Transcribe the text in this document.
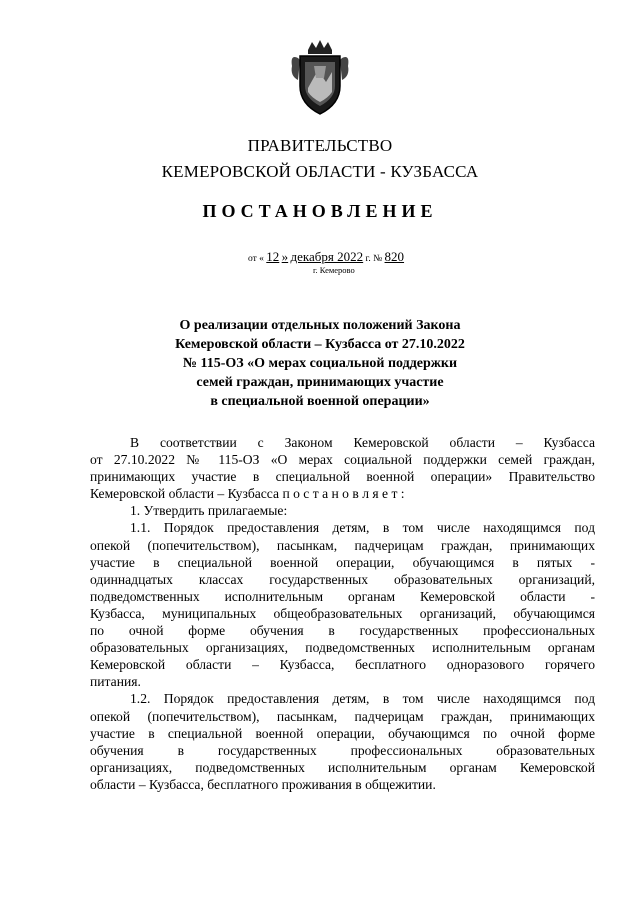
ПРАВИТЕЛЬСТВО
КЕМЕРОВСКОЙ ОБЛАСТИ - КУЗБАССА
ПОСТАНОВЛЕНИЕ
от « 12 » декабря 2022 г. № 820
г. Кемерово
О реализации отдельных положений Закона
Кемеровской области – Кузбасса от 27.10.2022
№ 115-ОЗ «О мерах социальной поддержки
семей граждан, принимающих участие
в специальной военной операции»
В соответствии с Законом Кемеровской области – Кузбасса
от 27.10.2022 № 115-ОЗ «О мерах социальной поддержки семей граждан,
принимающих участие в специальной военной операции» Правительство
Кемеровской области – Кузбасса п о с т а н о в л я е т :
1. Утвердить прилагаемые:
1.1. Порядок предоставления детям, в том числе находящимся под
опекой (попечительством), пасынкам, падчерицам граждан, принимающих
участие в специальной военной операции, обучающимся в пятых -
одиннадцатых классах государственных образовательных организаций,
подведомственных исполнительным органам Кемеровской области -
Кузбасса, муниципальных общеобразовательных организаций, обучающимся
по очной форме обучения в государственных профессиональных
образовательных организациях, подведомственных исполнительным органам
Кемеровской области – Кузбасса, бесплатного одноразового горячего
питания.
1.2. Порядок предоставления детям, в том числе находящимся под
опекой (попечительством), пасынкам, падчерицам граждан, принимающих
участие в специальной военной операции, обучающимся по очной форме
обучения в государственных профессиональных образовательных
организациях, подведомственных исполнительным органам Кемеровской
области – Кузбасса, бесплатного проживания в общежитии.
